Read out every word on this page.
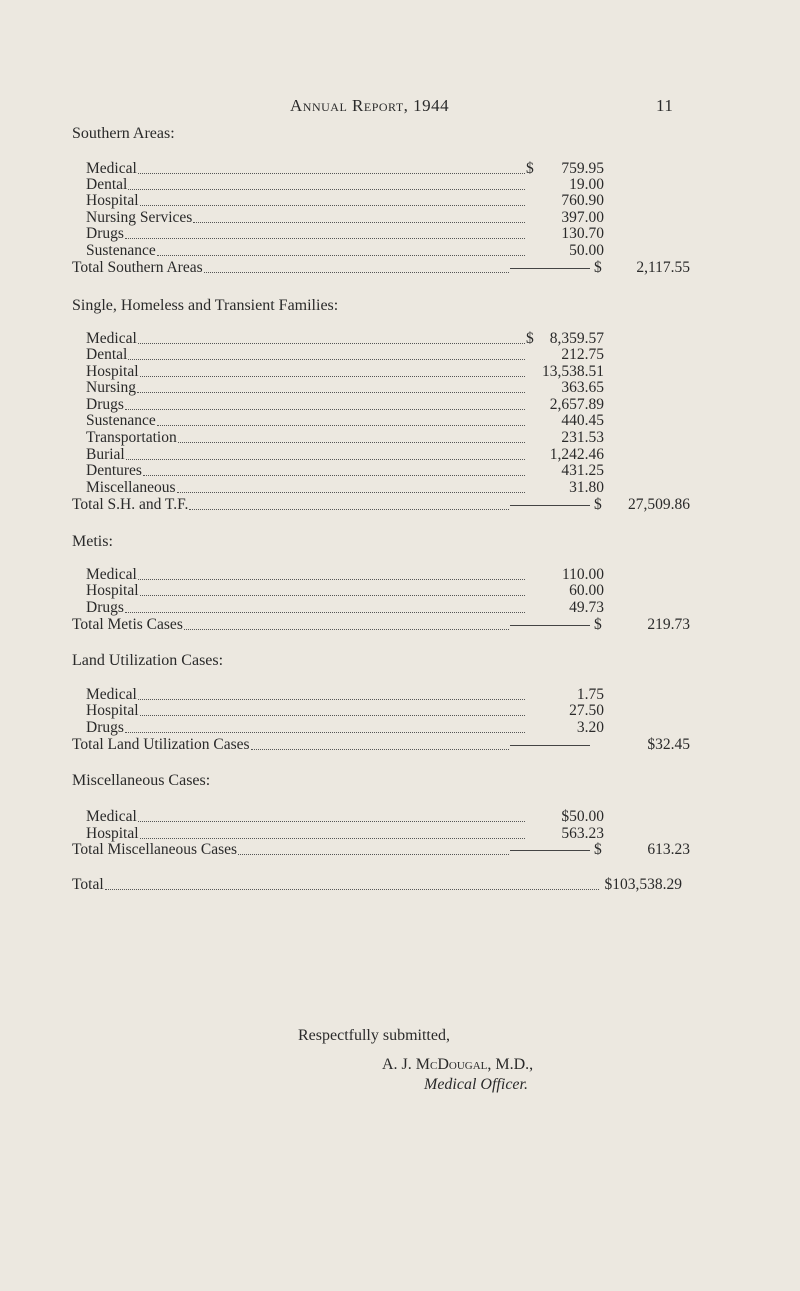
Annual Report, 1944	11
Southern Areas:
Medical	$	759.95
Dental	19.00
Hospital	760.90
Nursing Services	397.00
Drugs	130.70
Sustenance	50.00
Total Southern Areas	$	2,117.55
Single, Homeless and Transient Families:
Medical	$	8,359.57
Dental	212.75
Hospital	13,538.51
Nursing	363.65
Drugs	2,657.89
Sustenance	440.45
Transportation	231.53
Burial	1,242.46
Dentures	431.25
Miscellaneous	31.80
Total S.H. and T.F.	$	27,509.86
Metis:
Medical	110.00
Hospital	60.00
Drugs	49.73
Total Metis Cases	$	219.73
Land Utilization Cases:
Medical	1.75
Hospital	27.50
Drugs	3.20
Total Land Utilization Cases	$32.45
Miscellaneous Cases:
Medical	$50.00
Hospital	563.23
Total Miscellaneous Cases	$	613.23
Total	$103,538.29
Respectfully submitted,
A. J. McDougal, M.D.,
Medical Officer.
